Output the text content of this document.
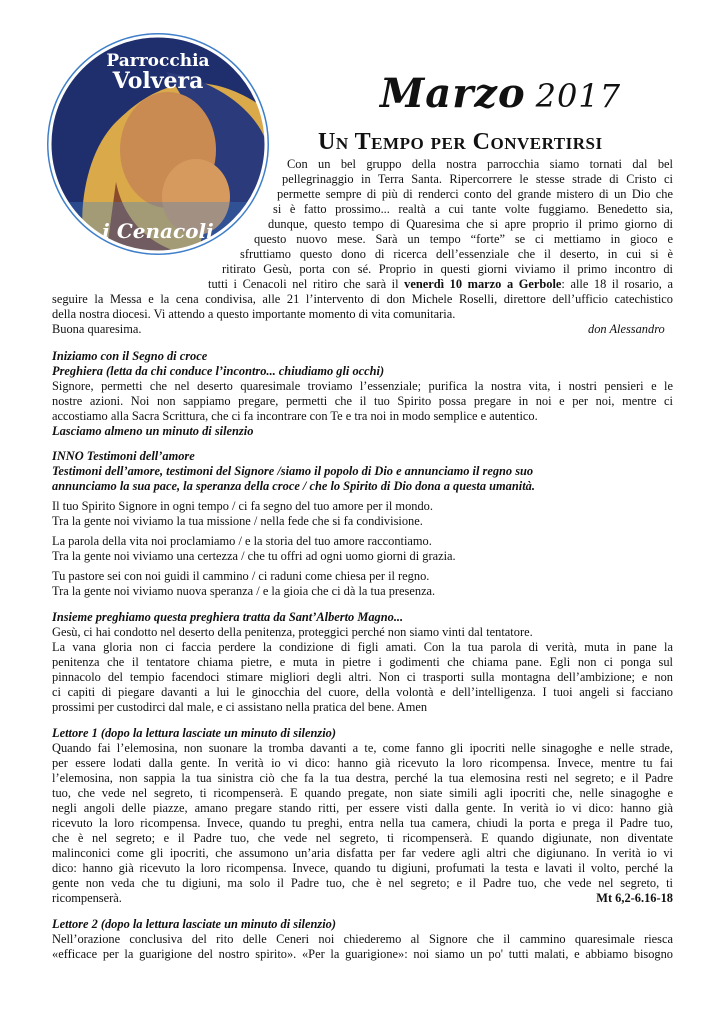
Parrocchia
Volvera
i Cenacoli
Marzo 2017
Un Tempo per Convertirsi

Con un bel gruppo della nostra parrocchia siamo tornati dal bel

pellegrinaggio in Terra Santa. Ripercorrere le stesse strade di Cristo ci

permette sempre di più di renderci conto del grande mistero di un Dio che

si è fatto prossimo... realtà a cui tante volte fuggiamo. Benedetto sia,

dunque, questo tempo di Quaresima che si apre proprio il primo giorno di

questo nuovo mese. Sarà un tempo “forte” se ci mettiamo in gioco e

sfruttiamo questo dono di ricerca dell’essenziale che il deserto, in cui si è

ritirato Gesù, porta con sé. Proprio in questi giorni viviamo il primo incontro di

tutti i Cenacoli nel ritiro che sarà il venerdì 10 marzo a Gerbole: alle 18 il rosario, a

seguire la Messa e la cena condivisa, alle 21 l’intervento di don Michele Roselli, direttore dell’ufficio catechistico

della nostra diocesi. Vi attendo a questo importante momento di vita comunitaria.

Buona quaresima.	don Alessandro

Iniziamo con il Segno di croce

Preghiera (letta da chi conduce l’incontro... chiudiamo gli occhi)

Signore, permetti che nel deserto quaresimale troviamo l’essenziale; purifica la nostra vita, i nostri pensieri e le

nostre azioni. Noi non sappiamo pregare, permetti che il tuo Spirito possa pregare in noi e per noi, mentre ci

accostiamo alla Sacra Scrittura, che ci fa incontrare con Te e tra noi in modo semplice e autentico.

Lasciamo almeno un minuto di silenzio

INNO Testimoni dell’amore

Testimoni dell’amore, testimoni del Signore /siamo il popolo di Dio e annunciamo il regno suo

annunciamo la sua pace, la speranza della croce / che lo Spirito di Dio dona a questa umanità.

Il tuo Spirito Signore in ogni tempo / ci fa segno del tuo amore per il mondo.

Tra la gente noi viviamo la tua missione / nella fede che si fa condivisione.

La parola della vita noi proclamiamo / e la storia del tuo amore raccontiamo.

Tra la gente noi viviamo una certezza / che tu offri ad ogni uomo giorni di grazia.

Tu pastore sei con noi guidi il cammino / ci raduni come chiesa per il regno.

Tra la gente noi viviamo nuova speranza / e la gioia che ci dà la tua presenza.

Insieme preghiamo questa preghiera tratta da Sant’Alberto Magno...

Gesù, ci hai condotto nel deserto della penitenza, proteggici perché non siamo vinti dal tentatore.

La vana gloria non ci faccia perdere la condizione di figli amati. Con la tua parola di verità, muta in pane la

penitenza che il tentatore chiama pietre, e muta in pietre i godimenti che chiama pane. Egli non ci ponga sul

pinnacolo del tempio facendoci stimare migliori degli altri. Non ci trasporti sulla montagna dell’ambizione; e non

ci capiti di piegare davanti a lui le ginocchia del cuore, della volontà e dell’intelligenza. I tuoi angeli si facciano

prossimi per custodirci dal male, e ci assistano nella pratica del bene. Amen

Lettore 1 (dopo la lettura lasciate un minuto di silenzio)

Quando fai l’elemosina, non suonare la tromba davanti a te, come fanno gli ipocriti nelle sinagoghe e nelle strade,

per essere lodati dalla gente. In verità io vi dico: hanno già ricevuto la loro ricompensa. Invece, mentre tu fai

l’elemosina, non sappia la tua sinistra ciò che fa la tua destra, perché la tua elemosina resti nel segreto; e il Padre

tuo, che vede nel segreto, ti ricompenserà. E quando pregate, non siate simili agli ipocriti che, nelle sinagoghe e

negli angoli delle piazze, amano pregare stando ritti, per essere visti dalla gente. In verità io vi dico: hanno già

ricevuto la loro ricompensa. Invece, quando tu preghi, entra nella tua camera, chiudi la porta e prega il Padre tuo,

che è nel segreto; e il Padre tuo, che vede nel segreto, ti ricompenserà. E quando digiunate, non diventate

malinconici come gli ipocriti, che assumono un’aria disfatta per far vedere agli altri che digiunano. In verità io vi

dico: hanno già ricevuto la loro ricompensa. Invece, quando tu digiuni, profumati la testa e lavati il volto, perché la

gente non veda che tu digiuni, ma solo il Padre tuo, che è nel segreto; e il Padre tuo, che vede nel segreto, ti

ricompenserà.	Mt 6,2-6.16-18

Lettore 2 (dopo la lettura lasciate un minuto di silenzio)

Nell’orazione conclusiva del rito delle Ceneri noi chiederemo al Signore che il cammino quaresimale riesca

«efficace per la guarigione del nostro spirito». «Per la guarigione»: noi siamo un po' tutti malati, e abbiamo bisogno
